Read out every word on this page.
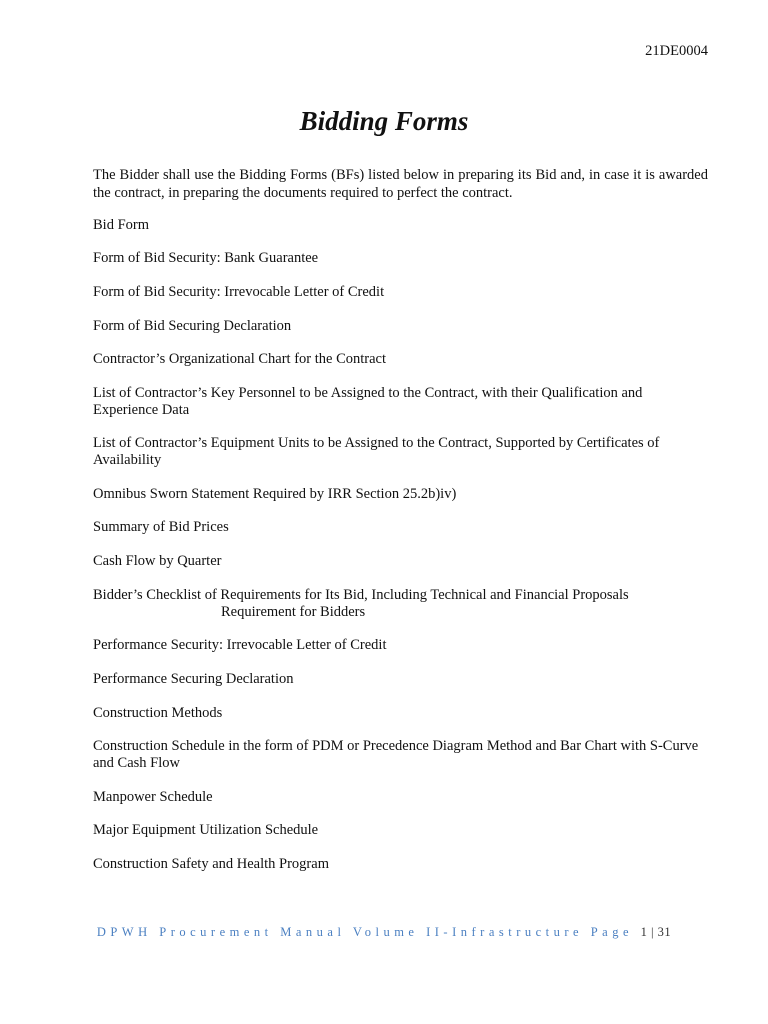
21DE0004
Bidding Forms
The Bidder shall use the Bidding Forms (BFs) listed below in preparing its Bid and, in case it is awarded the contract, in preparing the documents required to perfect the contract.
Bid Form
Form of Bid Security: Bank Guarantee
Form of Bid Security: Irrevocable Letter of Credit
Form of Bid Securing Declaration
Contractor’s Organizational Chart for the Contract
List of Contractor’s Key Personnel to be Assigned to the Contract, with their Qualification and Experience Data
List of Contractor’s Equipment Units to be Assigned to the Contract, Supported by Certificates of Availability
Omnibus Sworn Statement Required by IRR Section 25.2b)iv)
Summary of Bid Prices
Cash Flow by Quarter
Bidder’s Checklist of Requirements for Its Bid, Including Technical and Financial Proposals
Requirement for Bidders
Performance Security: Irrevocable Letter of Credit
Performance Securing Declaration
Construction Methods
Construction Schedule in the form of PDM or Precedence Diagram Method and Bar Chart with S-Curve and Cash Flow
Manpower Schedule
Major Equipment Utilization Schedule
Construction Safety and Health Program
DPWH Procurement Manual Volume II-Infrastructure Page 1 | 31
